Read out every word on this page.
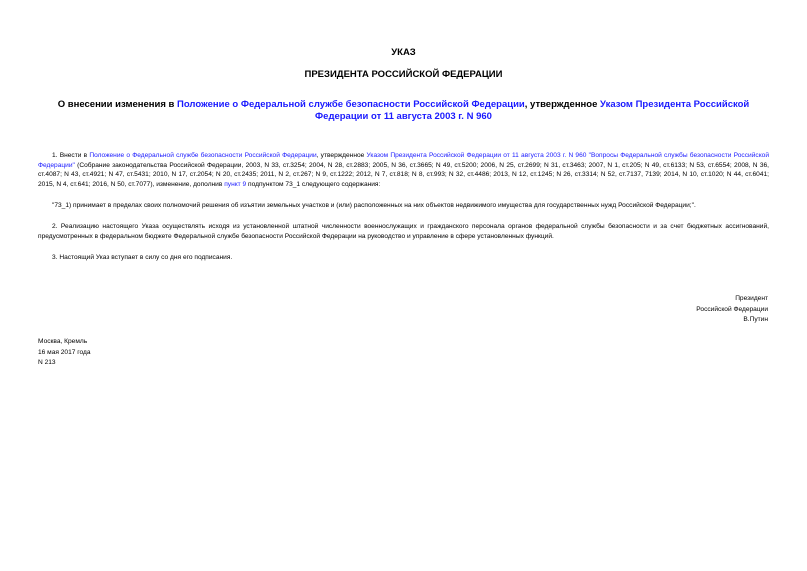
УКАЗ
ПРЕЗИДЕНТА РОССИЙСКОЙ ФЕДЕРАЦИИ
О внесении изменения в Положение о Федеральной службе безопасности Российской Федерации, утвержденное Указом Президента Российской Федерации от 11 августа 2003 г. N 960
1. Внести в Положение о Федеральной службе безопасности Российской Федерации, утвержденное Указом Президента Российской Федерации от 11 августа 2003 г. N 960 "Вопросы Федеральной службы безопасности Российской Федерации" (Собрание законодательства Российской Федерации, 2003, N 33, ст.3254; 2004, N 28, ст.2883; 2005, N 36, ст.3665; N 49, ст.5200; 2006, N 25, ст.2699; N 31, ст.3463; 2007, N 1, ст.205; N 49, ст.6133; N 53, ст.6554; 2008, N 36, ст.4087; N 43, ст.4921; N 47, ст.5431; 2010, N 17, ст.2054; N 20, ст.2435; 2011, N 2, ст.267; N 9, ст.1222; 2012, N 7, ст.818; N 8, ст.993; N 32, ст.4486; 2013, N 12, ст.1245; N 26, ст.3314; N 52, ст.7137, 7139; 2014, N 10, ст.1020; N 44, ст.6041; 2015, N 4, ст.641; 2016, N 50, ст.7077), изменение, дополнив пункт 9 подпунктом 73_1 следующего содержания:
"73_1) принимает в пределах своих полномочий решения об изъятии земельных участков и (или) расположенных на них объектов недвижимого имущества для государственных нужд Российской Федерации;".
2. Реализацию настоящего Указа осуществлять исходя из установленной штатной численности военнослужащих и гражданского персонала органов федеральной службы безопасности и за счет бюджетных ассигнований, предусмотренных в федеральном бюджете Федеральной службе безопасности Российской Федерации на руководство и управление в сфере установленных функций.
3. Настоящий Указ вступает в силу со дня его подписания.
Президент
Российской Федерации
В.Путин
Москва, Кремль
16 мая 2017 года
N 213
